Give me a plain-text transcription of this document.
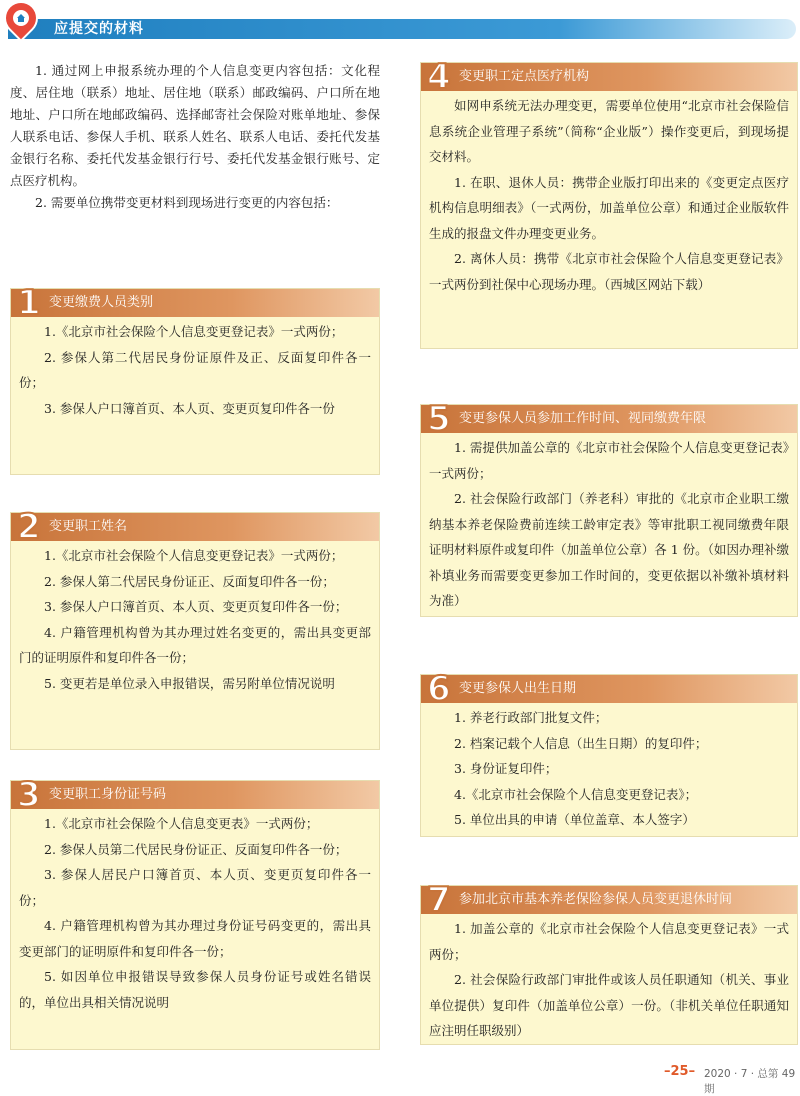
应提交的材料

1. 通过网上申报系统办理的个人信息变更内容包括：文化程度、居住地（联系）地址、居住地（联系）邮政编码、户口所在地地址、户口所在地邮政编码、选择邮寄社会保险对账单地址、参保人联系电话、参保人手机、联系人姓名、联系人电话、委托代发基金银行名称、委托代发基金银行行号、委托代发基金银行账号、定点医疗机构。

2. 需要单位携带变更材料到现场进行变更的内容包括：

1 变更缴费人员类别

1.《北京市社会保险个人信息变更登记表》一式两份；

2. 参保人第二代居民身份证原件及正、反面复印件各一份；

3. 参保人户口簿首页、本人页、变更页复印件各一份

2 变更职工姓名

1.《北京市社会保险个人信息变更登记表》一式两份；

2. 参保人第二代居民身份证正、反面复印件各一份；

3. 参保人户口簿首页、本人页、变更页复印件各一份；

4. 户籍管理机构曾为其办理过姓名变更的，需出具变更部门的证明原件和复印件各一份；

5. 变更若是单位录入申报错误，需另附单位情况说明

3 变更职工身份证号码

1.《北京市社会保险个人信息变更表》一式两份；

2. 参保人员第二代居民身份证正、反面复印件各一份；

3. 参保人居民户口簿首页、本人页、变更页复印件各一份；

4. 户籍管理机构曾为其办理过身份证号码变更的，需出具变更部门的证明原件和复印件各一份；

5. 如因单位申报错误导致参保人员身份证号或姓名错误的，单位出具相关情况说明

4 变更职工定点医疗机构

如网申系统无法办理变更，需要单位使用“北京市社会保险信息系统企业管理子系统”（简称“企业版”）操作变更后，到现场提交材料。

1. 在职、退休人员：携带企业版打印出来的《变更定点医疗机构信息明细表》（一式两份，加盖单位公章）和通过企业版软件生成的报盘文件办理变更业务。

2. 离休人员：携带《北京市社会保险个人信息变更登记表》一式两份到社保中心现场办理。（西城区网站下载）

5 变更参保人员参加工作时间、视同缴费年限

1. 需提供加盖公章的《北京市社会保险个人信息变更登记表》一式两份；

2. 社会保险行政部门（养老科）审批的《北京市企业职工缴纳基本养老保险费前连续工龄审定表》等审批职工视同缴费年限证明材料原件或复印件（加盖单位公章）各 1 份。（如因办理补缴补填业务而需要变更参加工作时间的，变更依据以补缴补填材料为准）

6 变更参保人出生日期

1. 养老行政部门批复文件；

2. 档案记载个人信息（出生日期）的复印件；

3. 身份证复印件；

4.《北京市社会保险个人信息变更登记表》；

5. 单位出具的申请（单位盖章、本人签字）

7 参加北京市基本养老保险参保人员变更退休时间

1. 加盖公章的《北京市社会保险个人信息变更登记表》一式两份；

2. 社会保险行政部门审批件或该人员任职通知（机关、事业单位提供）复印件（加盖单位公章）一份。（非机关单位任职通知应注明任职级别）

–25– 2020 · 7 · 总第 49 期
